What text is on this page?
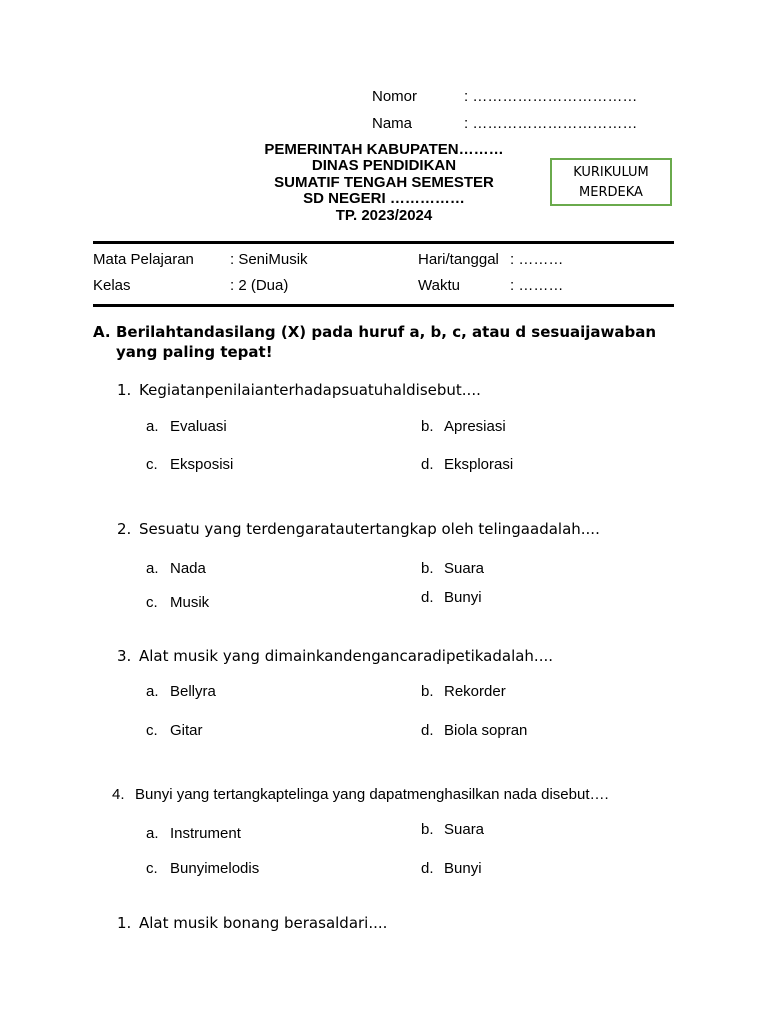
Nomor	: ……………………………
Nama	: ……………………………
PEMERINTAH KABUPATEN………
DINAS PENDIDIKAN
SUMATIF TENGAH SEMESTER
SD NEGERI ……………
TP. 2023/2024
KURIKULUM
MERDEKA
Mata Pelajaran : SeniMusik	Hari/tanggal : ………
Kelas	: 2 (Dua)	Waktu	: ………
A. Berilahtandasilang (X) pada huruf a, b, c, atau d sesuaijawaban
yang paling tepat!
1. Kegiatanpenilaianterhadapsuatuhaldisebut....
a. Evaluasi	b. Apresiasi
c. Eksposisi	d. Eksplorasi
2. Sesuatu yang terdengaratautertangkap oleh telingaadalah....
a. Nada	b. Suara
c. Musik	d. Bunyi
3. Alat musik yang dimainkandengancaradipetikadalah....
a. Bellyra	b. Rekorder
c. Gitar	d. Biola sopran
4. Bunyi yang tertangkaptelinga yang dapatmenghasilkan nada disebut….
a. Instrument	b. Suara
c. Bunyimelodis	d. Bunyi
1. Alat musik bonang berasaldari....
